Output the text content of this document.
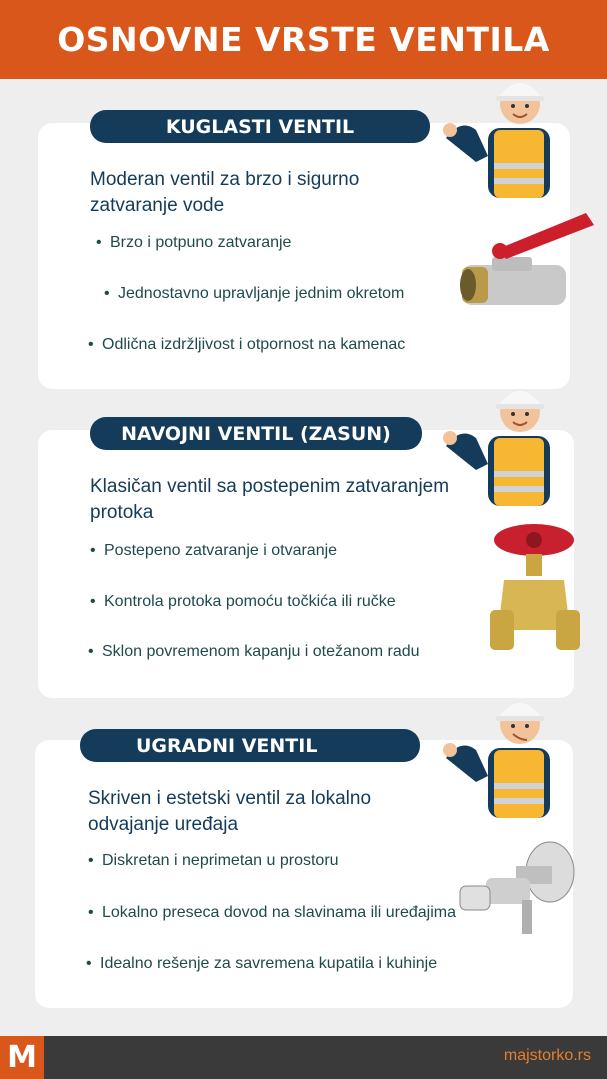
OSNOVNE VRSTE VENTILA
KUGLASTI VENTIL
Moderan ventil za brzo i sigurno zatvaranje vode
• Brzo i potpuno zatvaranje
• Jednostavno upravljanje jednim okretom
• Odlična izdržljivost i otpornost na kamenac
NAVOJNI VENTIL (ZASUN)
Klasičan ventil sa postepenim zatvaranjem protoka
• Postepeno zatvaranje i otvaranje
• Kontrola protoka pomoću točkića ili ručke
• Sklon povremenom kapanju i otežanom radu
UGRADNI VENTIL
Skriven i estetski ventil za lokalno odvajanje uređaja
• Diskretan i neprimetan u prostoru
• Lokalno preseca dovod na slavinama ili uređajima
• Idealno rešenje za savremena kupatila i kuhinje
M	majstorko.rs
